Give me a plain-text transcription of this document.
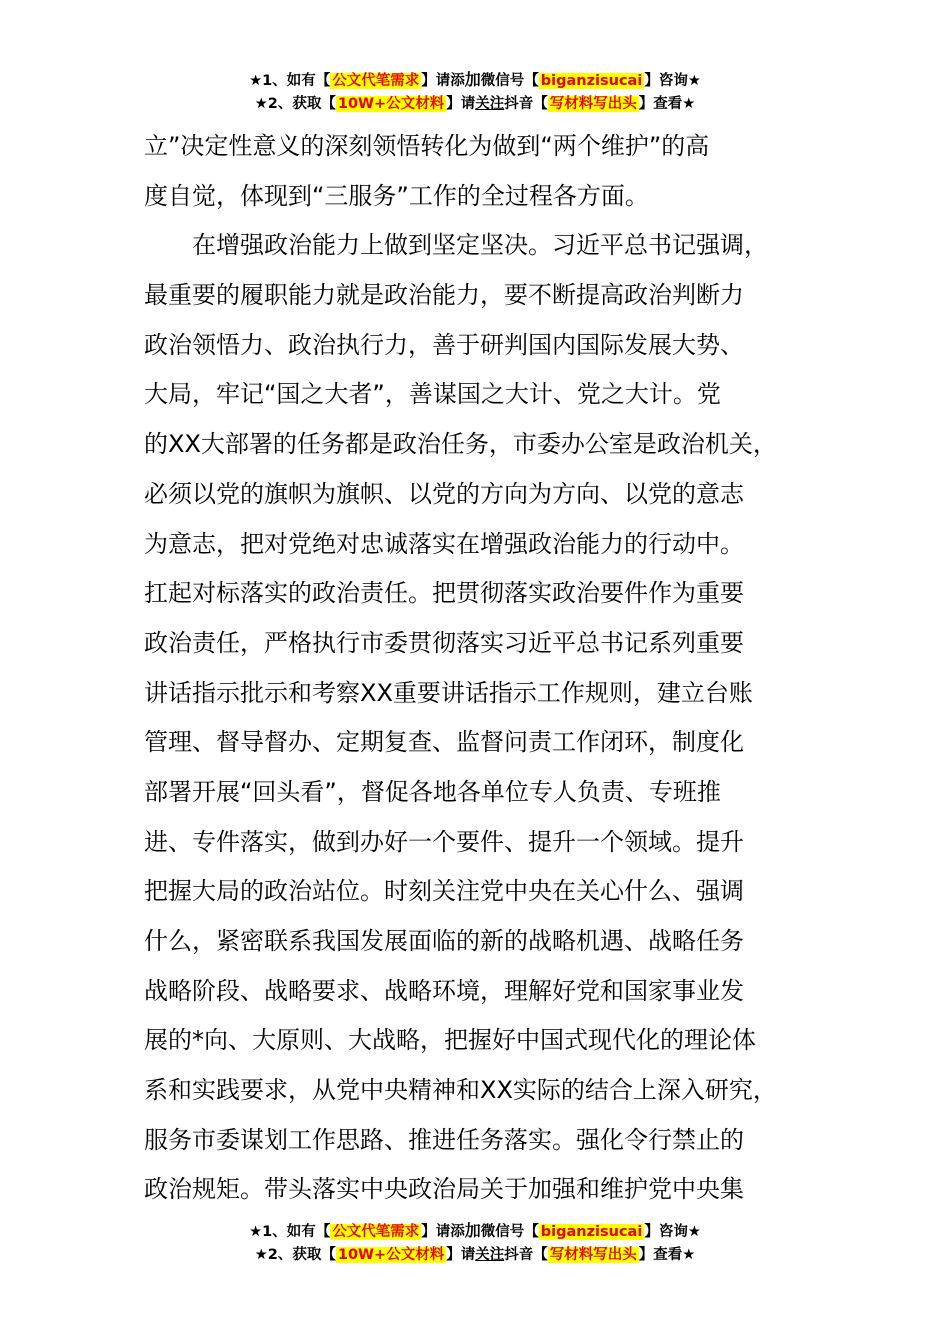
★1、如有【 公文代笔需求 】请添加微信号【 biganzisucai 】咨询★
★2、获取【 10W+公文材料 】请关注抖音【 写材料写出头 】查看★
立”决定性意义的深刻领悟转化为做到“两个维护”的高
度自觉，体现到“三服务”工作的全过程各方面。
　　在增强政治能力上做到坚定坚决。习近平总书记强调，
最重要的履职能力就是政治能力，要不断提高政治判断力
政治领悟力、政治执行力，善于研判国内国际发展大势、
大局，牢记“国之大者”，善谋国之大计、党之大计。党
的XX大部署的任务都是政治任务，市委办公室是政治机关，
必须以党的旗帜为旗帜、以党的方向为方向、以党的意志
为意志，把对党绝对忠诚落实在增强政治能力的行动中。
扛起对标落实的政治责任。把贯彻落实政治要件作为重要
政治责任，严格执行市委贯彻落实习近平总书记系列重要
讲话指示批示和考察XX重要讲话指示工作规则，建立台账
管理、督导督办、定期复查、监督问责工作闭环，制度化
部署开展“回头看”，督促各地各单位专人负责、专班推
进、专件落实，做到办好一个要件、提升一个领域。提升
把握大局的政治站位。时刻关注党中央在关心什么、强调
什么，紧密联系我国发展面临的新的战略机遇、战略任务
战略阶段、战略要求、战略环境，理解好党和国家事业发
展的*向、大原则、大战略，把握好中国式现代化的理论体
系和实践要求，从党中央精神和XX实际的结合上深入研究，
服务市委谋划工作思路、推进任务落实。强化令行禁止的
政治规矩。带头落实中央政治局关于加强和维护党中央集
★1、如有【 公文代笔需求 】请添加微信号【 biganzisucai 】咨询★
★2、获取【 10W+公文材料 】请关注抖音【 写材料写出头 】查看★
